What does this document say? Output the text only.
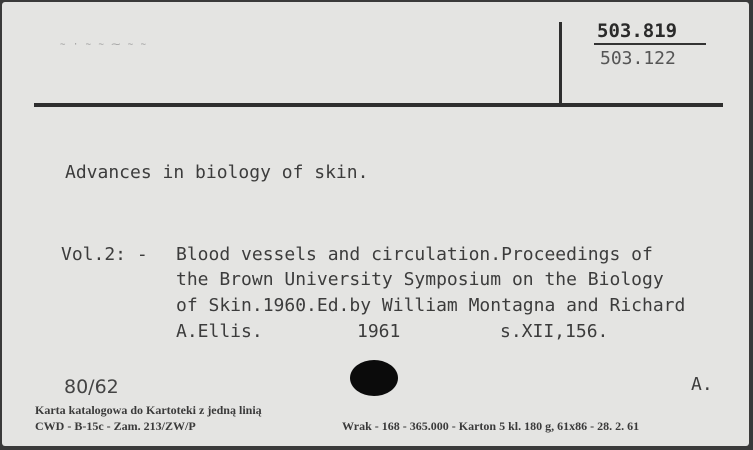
~ · ~ ~ ⁓ ~ ~
503.819
503.122
Advances in biology of skin.
Vol.2: - Blood vessels and circulation.Proceedings of
the Brown University Symposium on the Biology
of Skin.1960.Ed.by William Montagna and Richard
A.Ellis.	1961	s.XII,156.
80/62	A.
Karta katalogowa do Kartoteki z jedną linią
CWD - B-15c - Zam. 213/ZW/P	Wrak - 168 - 365.000 - Karton 5 kl. 180 g, 61x86 - 28. 2. 61
